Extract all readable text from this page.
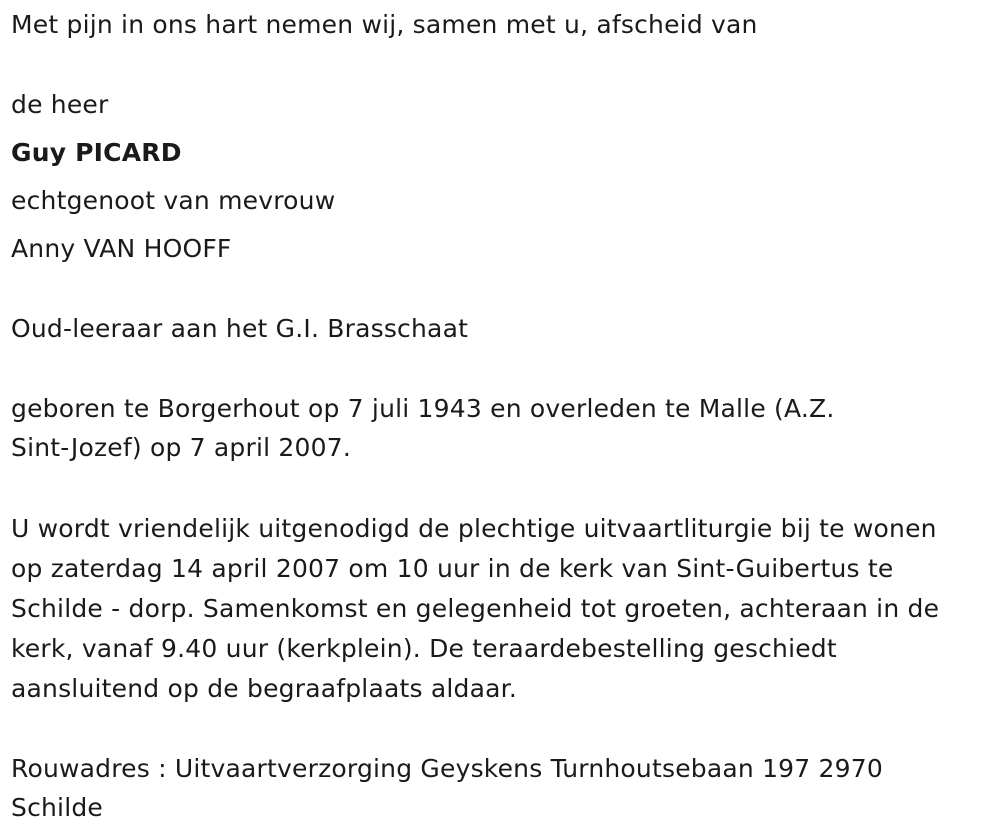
Met pijn in ons hart nemen wij, samen met u, afscheid van
de heer
Guy PICARD
echtgenoot van mevrouw
Anny VAN HOOFF
Oud-leeraar aan het G.I. Brasschaat
geboren te Borgerhout op 7 juli 1943 en overleden te Malle (A.Z.
Sint-Jozef) op 7 april 2007.
U wordt vriendelijk uitgenodigd de plechtige uitvaartliturgie bij te wonen
op zaterdag 14 april 2007 om 10 uur in de kerk van Sint-Guibertus te
Schilde - dorp. Samenkomst en gelegenheid tot groeten, achteraan in de
kerk, vanaf 9.40 uur (kerkplein). De teraardebestelling geschiedt
aansluitend op de begraafplaats aldaar.
Rouwadres : Uitvaartverzorging Geyskens Turnhoutsebaan 197 2970
Schilde
